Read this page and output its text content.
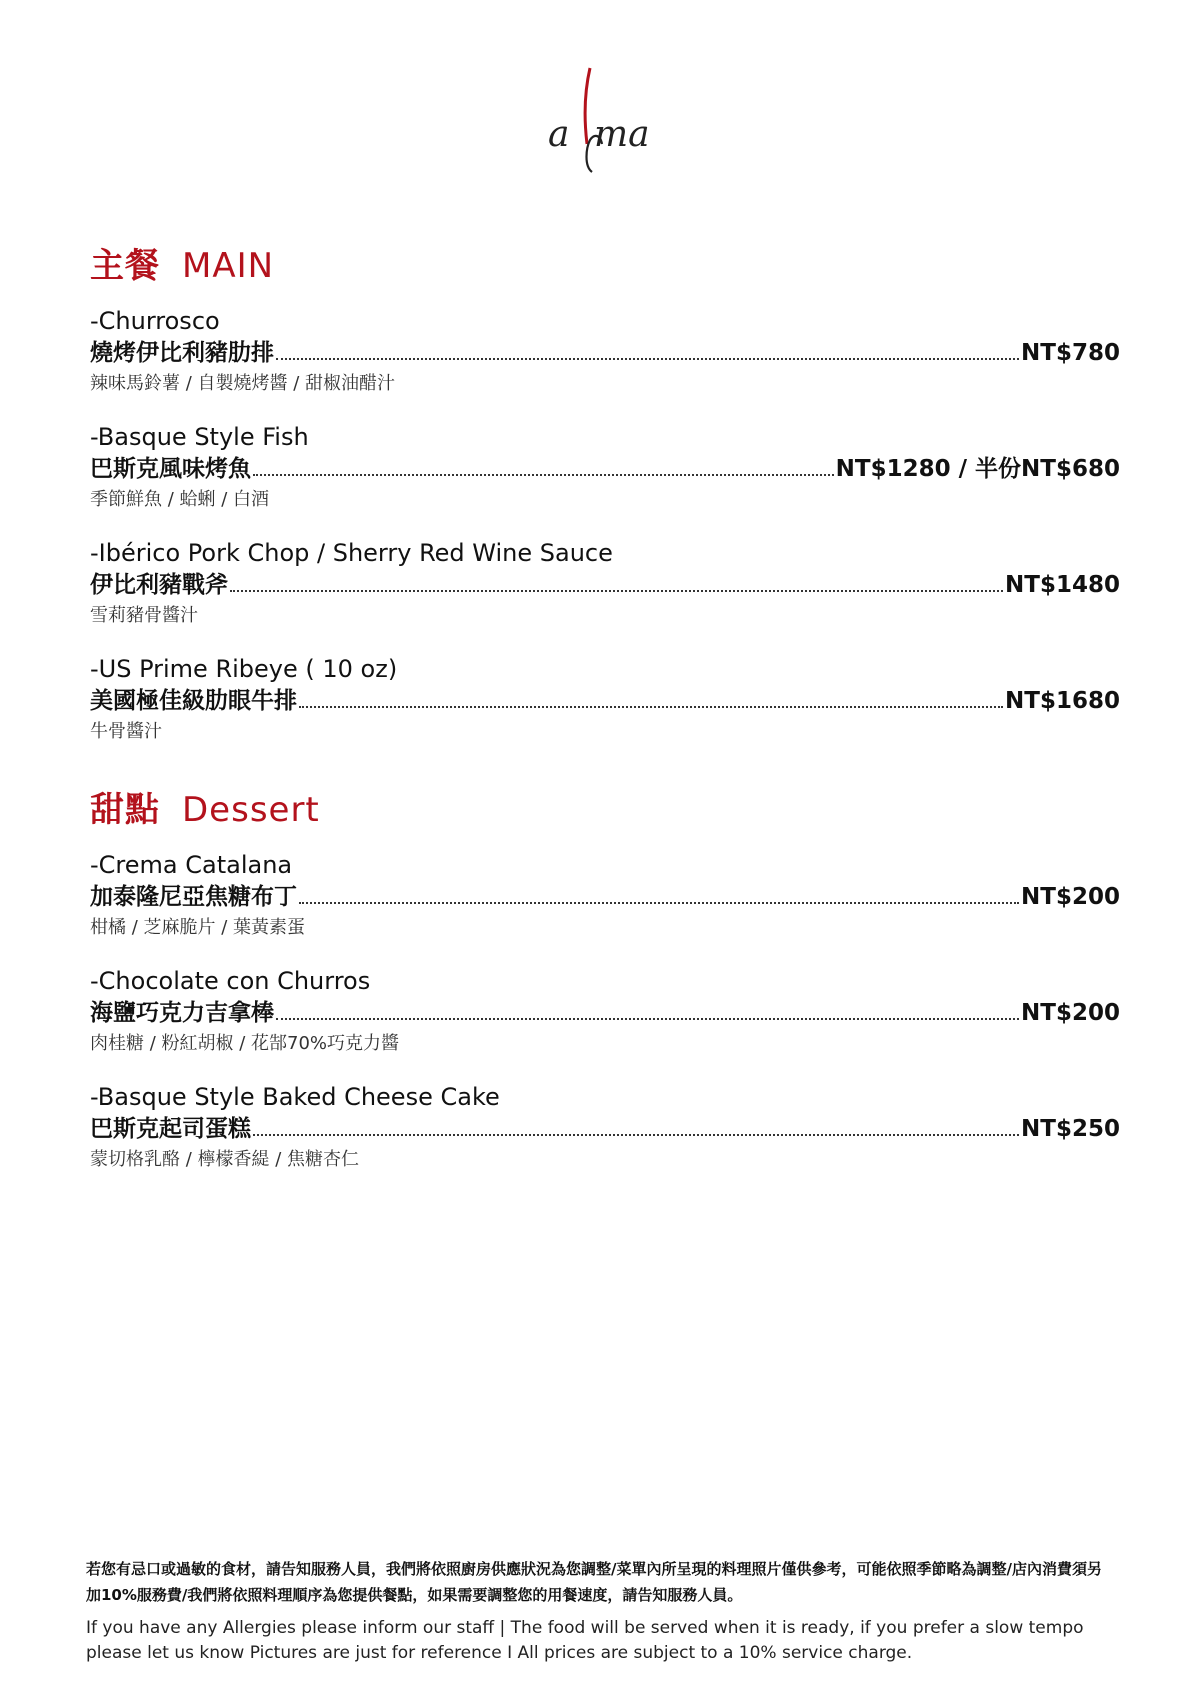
a ma
主餐 MAIN
-Churrosco
燒烤伊比利豬肋排	NT$780
辣味馬鈴薯 / 自製燒烤醬 / 甜椒油醋汁
-Basque Style Fish
巴斯克風味烤魚	NT$1280 / 半份NT$680
季節鮮魚 / 蛤蜊 / 白酒
-Ibérico Pork Chop / Sherry Red Wine Sauce
伊比利豬戰斧	NT$1480
雪莉豬骨醬汁
-US Prime Ribeye ( 10 oz)
美國極佳級肋眼牛排	NT$1680
牛骨醬汁
甜點 Dessert
-Crema Catalana
加泰隆尼亞焦糖布丁	NT$200
柑橘 / 芝麻脆片 / 葉黃素蛋
-Chocolate con Churros
海鹽巧克力吉拿棒	NT$200
肉桂糖 / 粉紅胡椒 / 花郜70%巧克力醬
-Basque Style Baked Cheese Cake
巴斯克起司蛋糕	NT$250
蒙切格乳酪 / 檸檬香緹 / 焦糖杏仁
若您有忌口或過敏的食材，請告知服務人員，我們將依照廚房供應狀況為您調整/菜單內所呈現的料理照片僅供參考，可能依照季節略為調整/店內消費須另加10%服務費/我們將依照料理順序為您提供餐點，如果需要調整您的用餐速度，請告知服務人員。
If you have any Allergies please inform our staff | The food will be served when it is ready, if you prefer a slow tempo please let us know Pictures are just for reference I All prices are subject to a 10% service charge.
